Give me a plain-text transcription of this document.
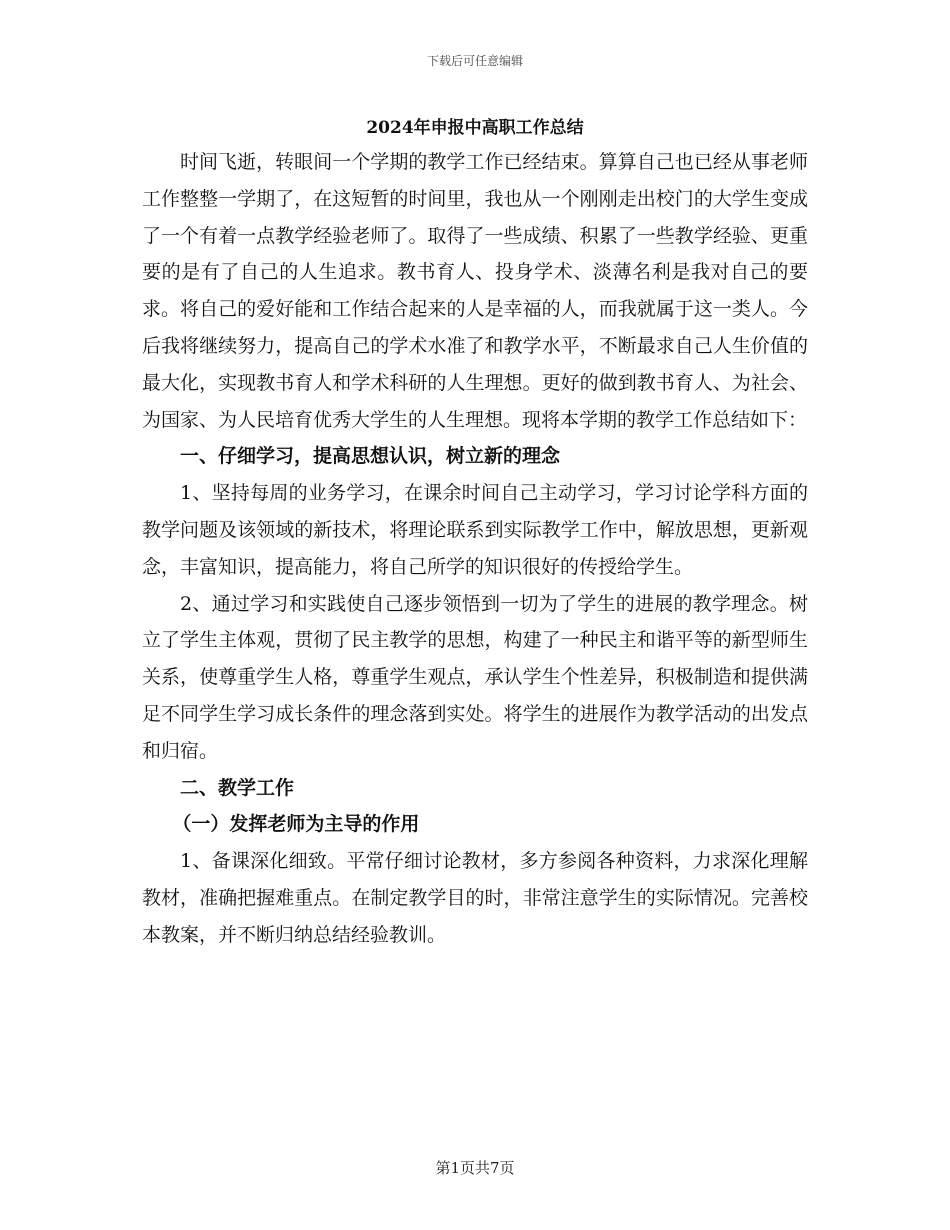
下载后可任意编辑
2024年申报中高职工作总结

时间飞逝，转眼间一个学期的教学工作已经结束。算算自己也已经从事老师工作整整一学期了，在这短暂的时间里，我也从一个刚刚走出校门的大学生变成了一个有着一点教学经验老师了。取得了一些成绩、积累了一些教学经验、更重要的是有了自己的人生追求。教书育人、投身学术、淡薄名利是我对自己的要求。将自己的爱好能和工作结合起来的人是幸福的人，而我就属于这一类人。今后我将继续努力，提高自己的学术水准了和教学水平，不断最求自己人生价值的最大化，实现教书育人和学术科研的人生理想。更好的做到教书育人、为社会、为国家、为人民培育优秀大学生的人生理想。现将本学期的教学工作总结如下：

一、仔细学习，提高思想认识，树立新的理念

1、坚持每周的业务学习，在课余时间自己主动学习，学习讨论学科方面的教学问题及该领域的新技术，将理论联系到实际教学工作中，解放思想，更新观念，丰富知识，提高能力，将自己所学的知识很好的传授给学生。

2、通过学习和实践使自己逐步领悟到一切为了学生的进展的教学理念。树立了学生主体观，贯彻了民主教学的思想，构建了一种民主和谐平等的新型师生关系，使尊重学生人格，尊重学生观点，承认学生个性差异，积极制造和提供满足不同学生学习成长条件的理念落到实处。将学生的进展作为教学活动的出发点和归宿。

二、教学工作

（一）发挥老师为主导的作用

1、备课深化细致。平常仔细讨论教材，多方参阅各种资料，力求深化理解教材，准确把握难重点。在制定教学目的时，非常注意学生的实际情况。完善校本教案，并不断归纳总结经验教训。

第1页共7页
